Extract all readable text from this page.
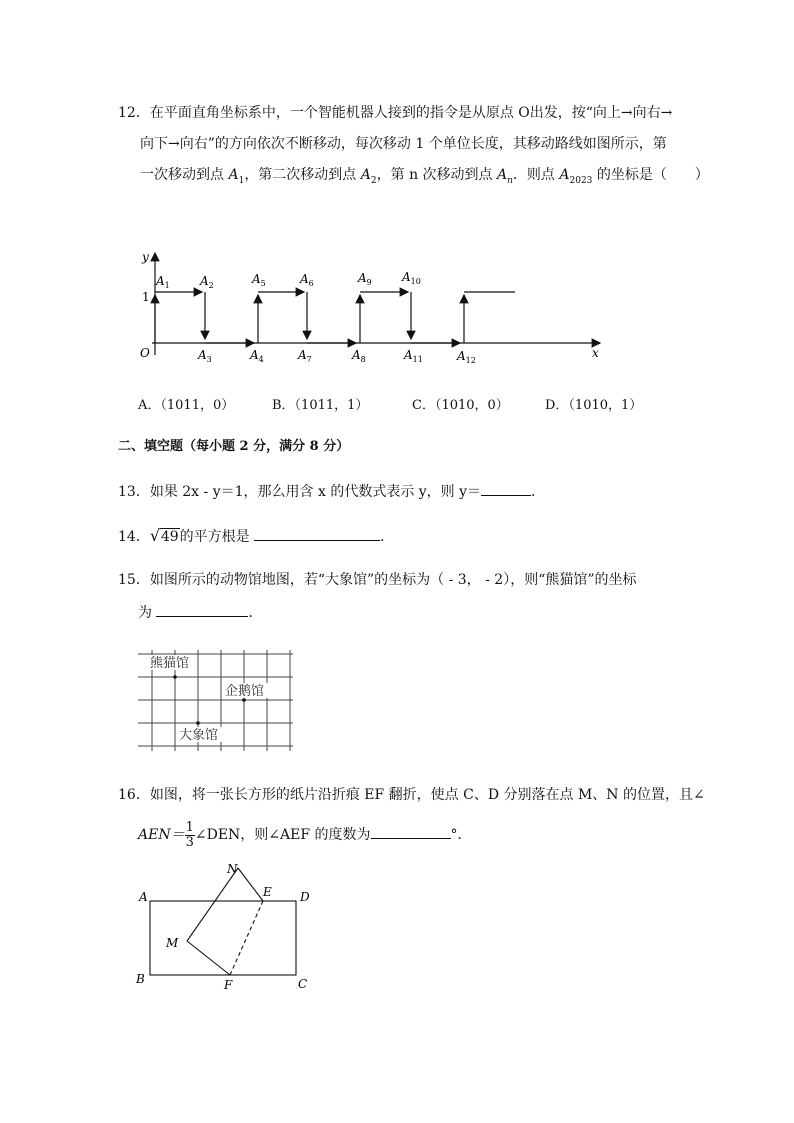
12．在平面直角坐标系中，一个智能机器人接到的指令是从原点 O出发，按“向上→向右→
向下→向右”的方向依次不断移动，每次移动 1 个单位长度，其移动路线如图所示，第
一次移动到点 $A_1$，第二次移动到点 $A_2$，第 n 次移动到点 $A_n$．则点 $A_{2023}$ 的坐标是（　　）
x
y
O
1
$A_1$	$A_2$
$A_3$	$A_4$
$A_5$	$A_6$
$A_7$	$A_8$
$A_9$	$A_{10}$
$A_{11}$	$A_{12}$
A．（1011，0）	B．（1011，1）	C．（1010，0）	D．（1010，1）
二、填空题（每小题 2 分，满分 8 分）
13．如果 2x - y＝1，那么用含 x 的代数式表示 y，则 y＝	．
14． √ 49的平方根是	．
15．如图所示的动物馆地图，若“大象馆”的坐标为（ - 3， - 2），则“熊猫馆”的坐标
为	．
熊猫馆
企鹅馆
大象馆
16．如图，将一张长方形的纸片沿折痕 EF 翻折，使点 C、D 分别落在点 M、N 的位置，且∠
$AEN= \frac{1}{3}$ ∠DEN，则∠AEF 的度数为	°．
A
B	C
D
E
F
M
N
